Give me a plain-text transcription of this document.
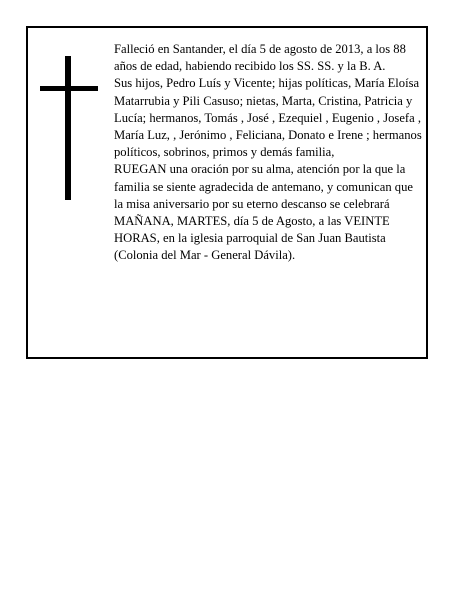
Falleció en Santander, el día 5 de agosto de 2013, a los 88 años de edad, habiendo recibido los SS. SS. y la B. A.

Sus hijos, Pedro Luís y Vicente; hijas políticas, María Eloísa Matarrubia y Pili Casuso; nietas, Marta, Cristina, Patricia y Lucía; hermanos, Tomás , José , Ezequiel , Eugenio , Josefa , María Luz, , Jerónimo , Feliciana, Donato e Irene ; hermanos políticos, sobrinos, primos y demás familia,

RUEGAN una oración por su alma, atención por la que la familia se siente agradecida de antemano, y comunican que la misa aniversario por su eterno descanso se celebrará MAÑANA, MARTES, día 5 de Agosto, a las VEINTE HORAS, en la iglesia parroquial de San Juan Bautista (Colonia del Mar - General Dávila).
